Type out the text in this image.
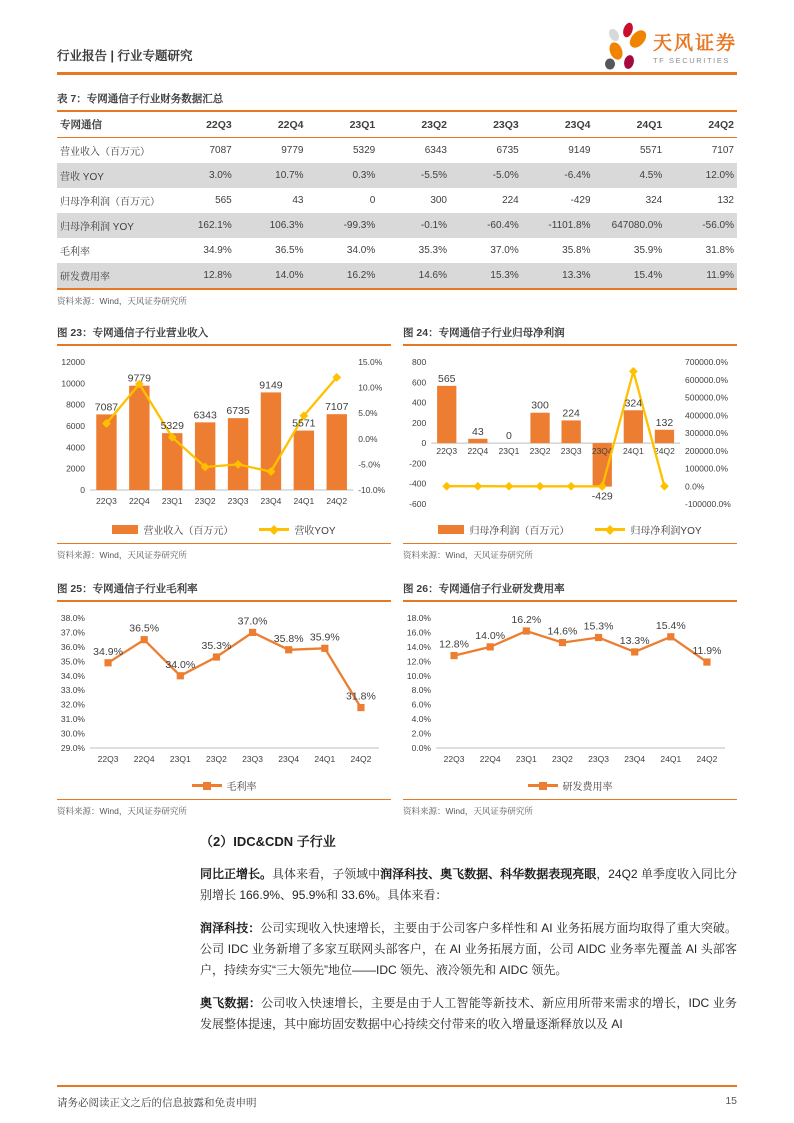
行业报告 | 行业专题研究
天风证券
TF SECURITIES
表 7：专网通信子行业财务数据汇总
专网通信	22Q3	22Q4	23Q1	23Q2	23Q3	23Q4	24Q1	24Q2
营业收入（百万元）	7087	9779	5329	6343	6735	9149	5571	7107
营收 YOY	3.0%	10.7%	0.3%	-5.5%	-5.0%	-6.4%	4.5%	12.0%
归母净利润（百万元）	565	43	0	300	224	-429	324	132
归母净利润 YOY	162.1%	106.3%	-99.3%	-0.1%	-60.4%	-1101.8%	647080.0%	-56.0%
毛利率	34.9%	36.5%	34.0%	35.3%	37.0%	35.8%	35.9%	31.8%
研发费用率	12.8%	14.0%	16.2%	14.6%	15.3%	13.3%	15.4%	11.9%
资料来源：Wind，天风证券研究所
图 23：专网通信子行业营业收入
12000
10000
8000
6000
4000
2000
0
15.0%
10.0%
5.0%
0.0%
-5.0%
-10.0%
22Q3 22Q4 23Q1 23Q2 23Q3 23Q4 24Q1 24Q2
7087
9779
5329
6343 6735
9149
5571
7107
营业收入（百万元）	营收YOY
资料来源：Wind，天风证券研究所
图 24：专网通信子行业归母净利润
800
600
400
200
0
-200
-400
-600
700000.0%
600000.0%
500000.0%
400000.0%
300000.0%
200000.0%
100000.0%
0.0%
-100000.0%
22Q3 22Q4 23Q1 23Q2 23Q3 23Q4 24Q1 24Q2
565
43 0
300
224
-429
324
132
归母净利润（百万元）	归母净利润YOY
资料来源：Wind，天风证券研究所
图 25：专网通信子行业毛利率
38.0%
37.0%
36.0%
35.0%
34.0%
33.0%
32.0%
31.0%
30.0%
29.0%
22Q3 22Q4 23Q1 23Q2 23Q3 23Q4 24Q1 24Q2
34.9%
36.5%
34.0%
35.3%
37.0%
35.8% 35.9%
31.8%
毛利率
资料来源：Wind，天风证券研究所
图 26：专网通信子行业研发费用率
18.0%
16.0%
14.0%
12.0%
10.0%
8.0%
6.0%
4.0%
2.0%
0.0%
22Q3 22Q4 23Q1 23Q2 23Q3 23Q4 24Q1 24Q2
12.8%
14.0%
16.2%
14.6% 15.3%
13.3%
15.4%
11.9%
研发费用率
资料来源：Wind，天风证券研究所
（2）IDC&CDN 子行业

同比正增长。具体来看，子领域中润泽科技、奥飞数据、科华数据表现亮眼，24Q2 单季度收入同比分别增长 166.9%、95.9%和 33.6%。具体来看：

润泽科技：公司实现收入快速增长，主要由于公司客户多样性和 AI 业务拓展方面均取得了重大突破。公司 IDC 业务新增了多家互联网头部客户，在 AI 业务拓展方面，公司 AIDC 业务率先覆盖 AI 头部客户，持续夯实“三大领先”地位——IDC 领先、液冷领先和 AIDC 领先。

奥飞数据：公司收入快速增长，主要是由于人工智能等新技术、新应用所带来需求的增长，IDC 业务发展整体提速，其中廊坊固安数据中心持续交付带来的收入增量逐渐释放以及 AI

请务必阅读正文之后的信息披露和免责申明	15
